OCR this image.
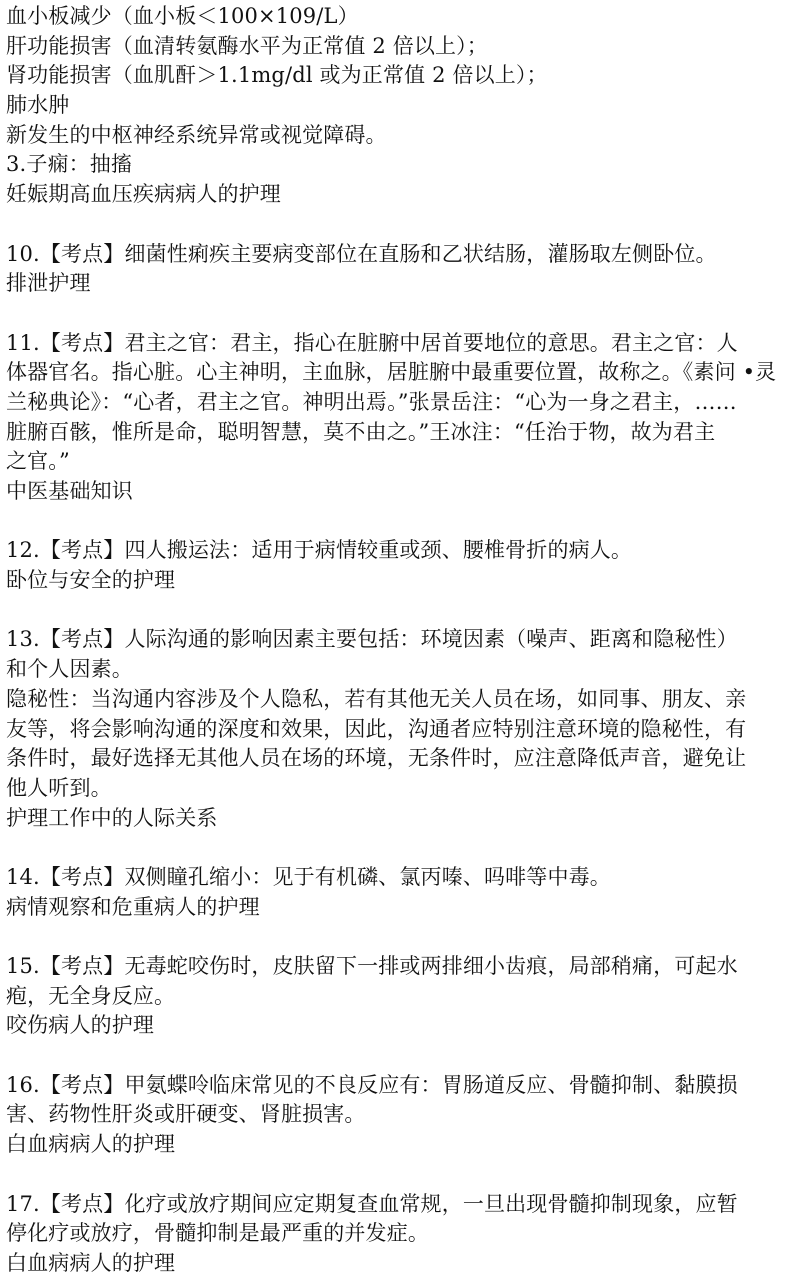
血小板减少（血小板＜100×109/L）
肝功能损害（血清转氨酶水平为正常值 2 倍以上）；
肾功能损害（血肌酐＞1.1mg/dl 或为正常值 2 倍以上）；
肺水肿
新发生的中枢神经系统异常或视觉障碍。
3.子痫：抽搐
妊娠期高血压疾病病人的护理
10.【考点】细菌性痢疾主要病变部位在直肠和乙状结肠，灌肠取左侧卧位。
排泄护理
11.【考点】君主之官：君主，指心在脏腑中居首要地位的意思。君主之官：人
体器官名。指心脏。心主神明，主血脉，居脏腑中最重要位置，故称之。《素问 •灵
兰秘典论》：“心者，君主之官。神明出焉。”张景岳注：“心为一身之君主，……
脏腑百骸，惟所是命，聪明智慧，莫不由之。”王冰注：“任治于物，故为君主
之官。”
中医基础知识
12.【考点】四人搬运法：适用于病情较重或颈、腰椎骨折的病人。
卧位与安全的护理
13.【考点】人际沟通的影响因素主要包括：环境因素（噪声、距离和隐秘性）
和个人因素。
隐秘性：当沟通内容涉及个人隐私，若有其他无关人员在场，如同事、朋友、亲
友等，将会影响沟通的深度和效果，因此，沟通者应特别注意环境的隐秘性，有
条件时，最好选择无其他人员在场的环境，无条件时，应注意降低声音，避免让
他人听到。
护理工作中的人际关系
14.【考点】双侧瞳孔缩小：见于有机磷、氯丙嗪、吗啡等中毒。
病情观察和危重病人的护理
15.【考点】无毒蛇咬伤时，皮肤留下一排或两排细小齿痕，局部稍痛，可起水
疱，无全身反应。
咬伤病人的护理
16.【考点】甲氨蝶呤临床常见的不良反应有：胃肠道反应、骨髓抑制、黏膜损
害、药物性肝炎或肝硬变、肾脏损害。
白血病病人的护理
17.【考点】化疗或放疗期间应定期复查血常规，一旦出现骨髓抑制现象，应暂
停化疗或放疗，骨髓抑制是最严重的并发症。
白血病病人的护理
